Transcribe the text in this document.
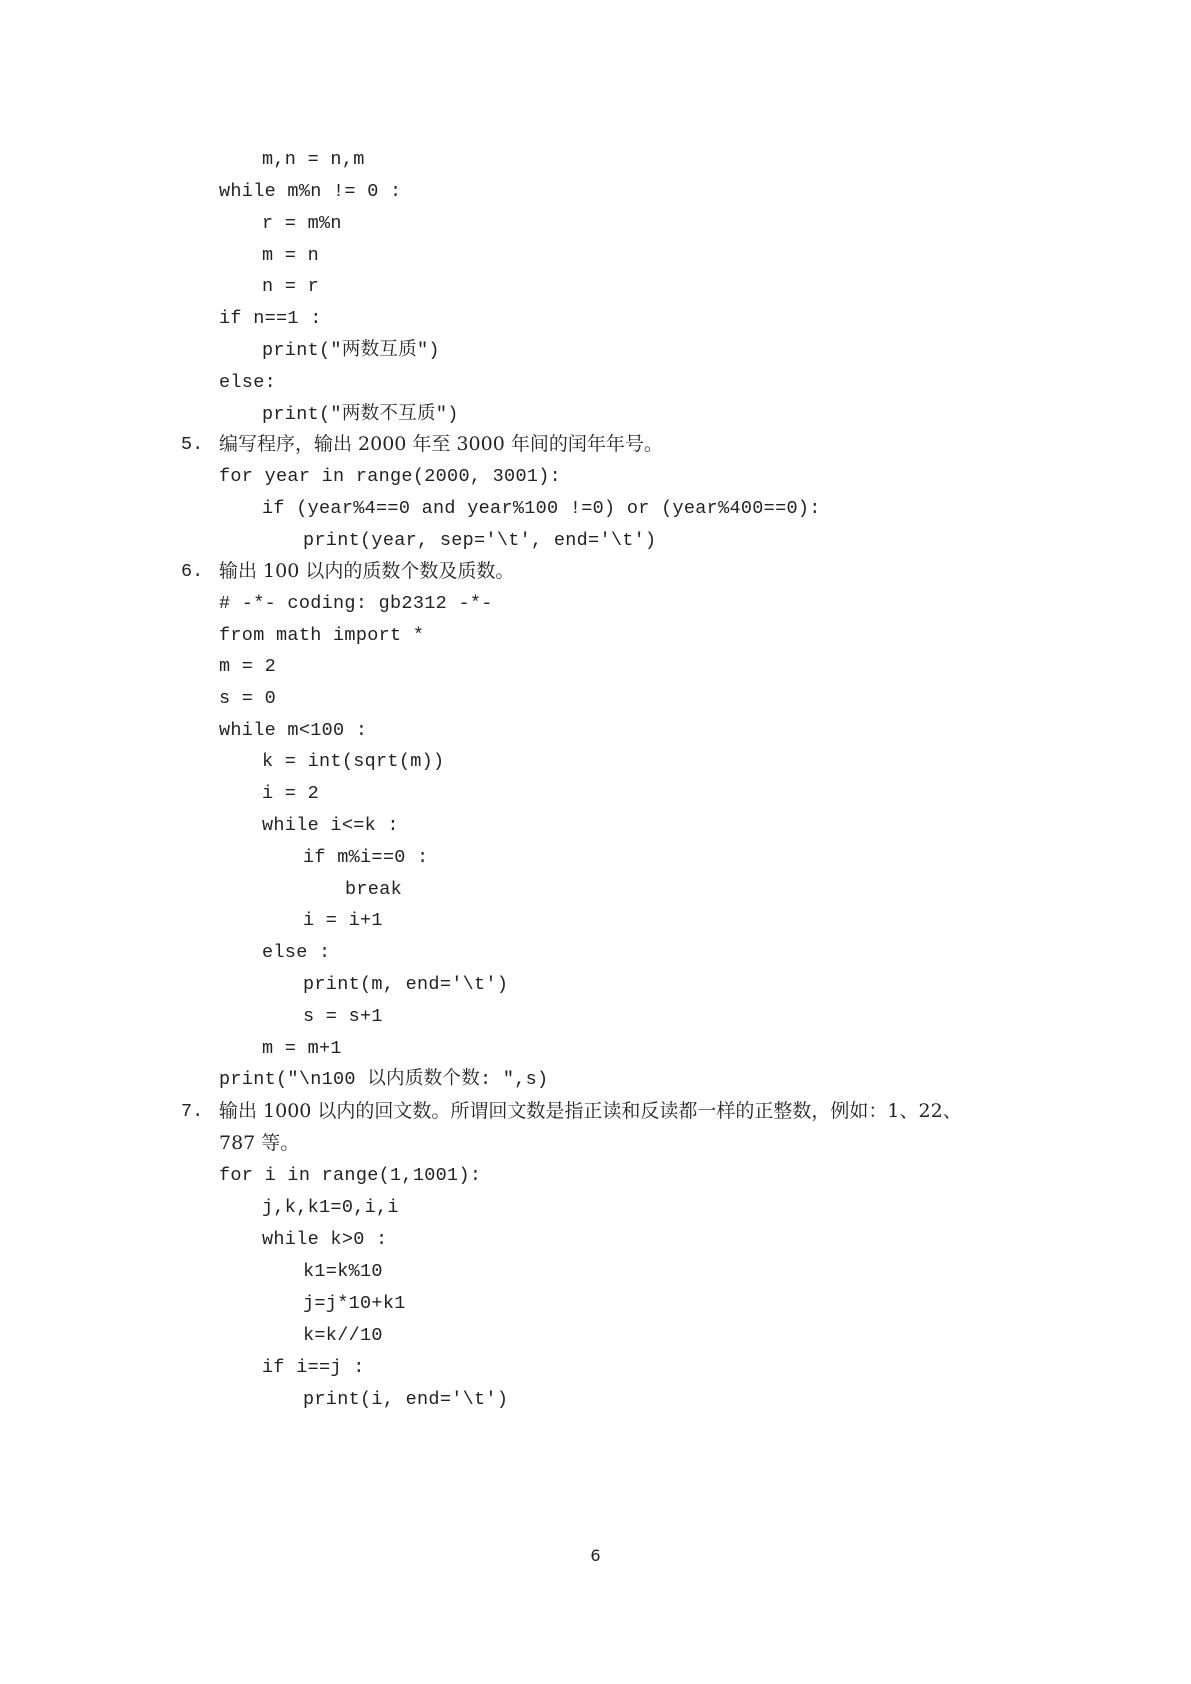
m,n = n,m
while m%n != 0 :
r = m%n
m = n
n = r
if n==1 :
print("两数互质")
else:
print("两数不互质")
5. 编写程序，输出 2000 年至 3000 年间的闰年年号。
for year in range(2000, 3001):
if (year%4==0 and year%100 !=0) or (year%400==0):
print(year, sep='\t', end='\t')
6. 输出 100 以内的质数个数及质数。
# -*- coding: gb2312 -*-
from math import *
m = 2
s = 0
while m<100 :
k = int(sqrt(m))
i = 2
while i<=k :
if m%i==0 :
break
i = i+1
else :
print(m, end='\t')
s = s+1
m = m+1
print("\n100 以内质数个数: ",s)
7. 输出 1000 以内的回文数。所谓回文数是指正读和反读都一样的正整数，例如：1、22、
787 等。
for i in range(1,1001):
j,k,k1=0,i,i
while k>0 :
k1=k%10
j=j*10+k1
k=k//10
if i==j :
print(i, end='\t')
6
